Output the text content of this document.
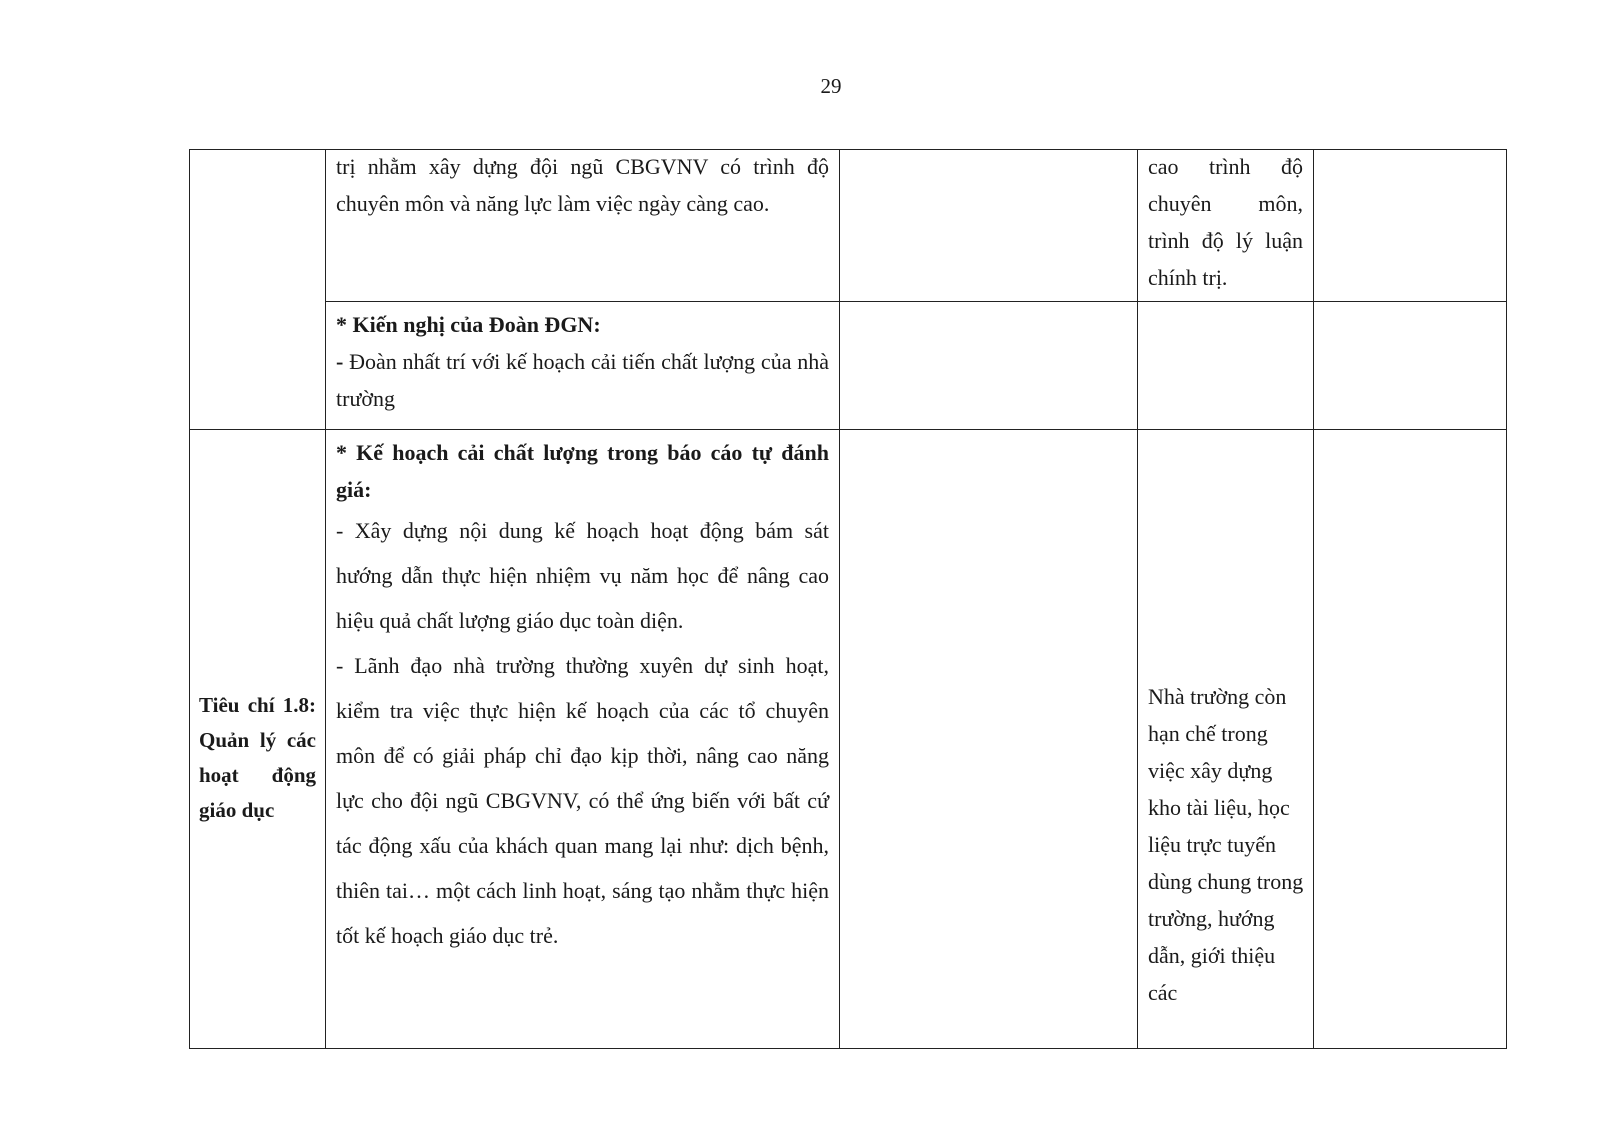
29

	trị nhằm xây dựng đội ngũ CBGVNV có trình độ chuyên môn và năng lực làm việc ngày càng cao.		cao trình độ chuyên môn, trình độ lý luận chính trị.	

	* Kiến nghị của Đoàn ĐGN:

- Đoàn nhất trí với kế hoạch cải tiến chất lượng của nhà trường			

Tiêu chí 1.8: Quản lý các hoạt động giáo dục	* Kế hoạch cải chất lượng trong báo cáo tự đánh giá:

- Xây dựng nội dung kế hoạch hoạt động bám sát hướng dẫn thực hiện nhiệm vụ năm học để nâng cao hiệu quả chất lượng giáo dục toàn diện.

- Lãnh đạo nhà trường thường xuyên dự sinh hoạt, kiểm tra việc thực hiện kế hoạch của các tổ chuyên môn để có giải pháp chỉ đạo kịp thời, nâng cao năng lực cho đội ngũ CBGVNV, có thể ứng biến với bất cứ tác động xấu của khách quan mang lại như: dịch bệnh, thiên tai… một cách linh hoạt, sáng tạo nhằm thực hiện tốt kế hoạch giáo dục trẻ.		Nhà trường còn hạn chế trong việc xây dựng kho tài liệu, học liệu trực tuyến dùng chung trong trường, hướng dẫn, giới thiệu các	
